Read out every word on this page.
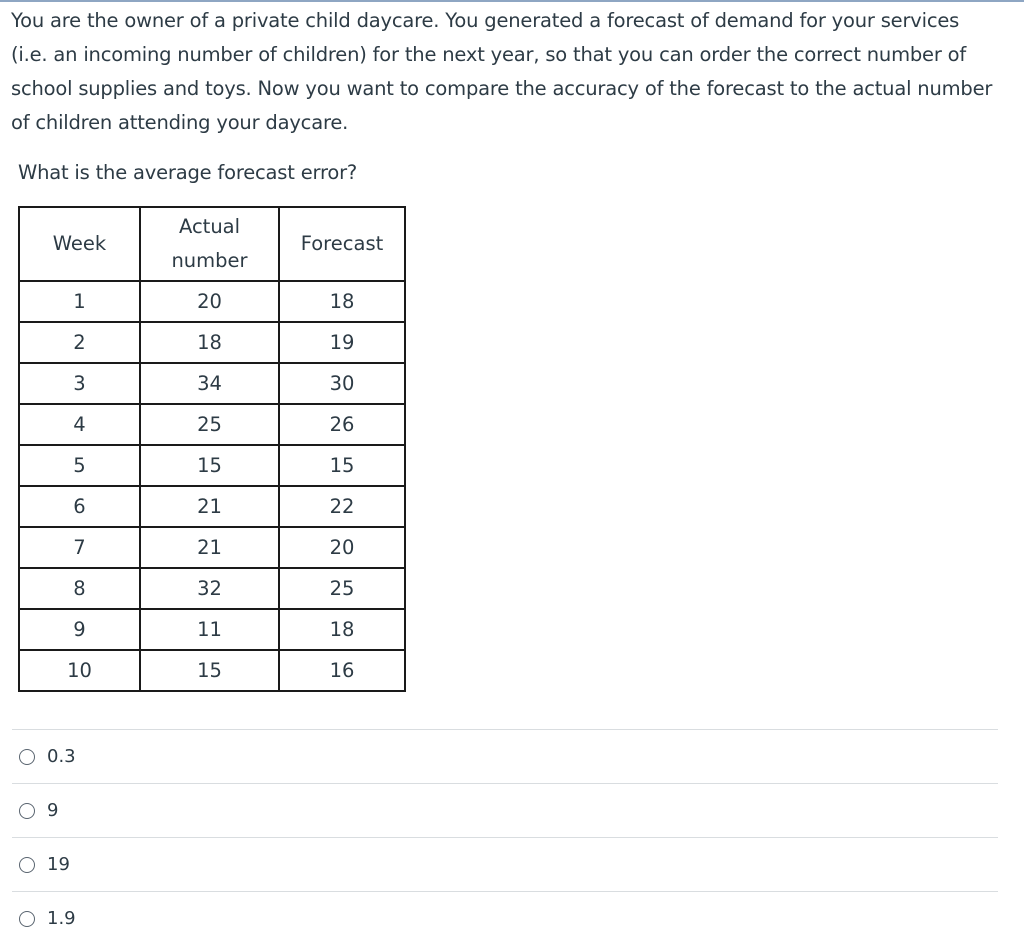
You are the owner of a private child daycare. You generated a forecast of demand for your services (i.e. an incoming number of children) for the next year, so that you can order the correct number of school supplies and toys. Now you want to compare the accuracy of the forecast to the actual number of children attending your daycare.
What is the average forecast error?
Week	Actual number	Forecast
1	20	18
2	18	19
3	34	30
4	25	26
5	15	15
6	21	22
7	21	20
8	32	25
9	11	18
10	15	16
0.3
9
19
1.9
